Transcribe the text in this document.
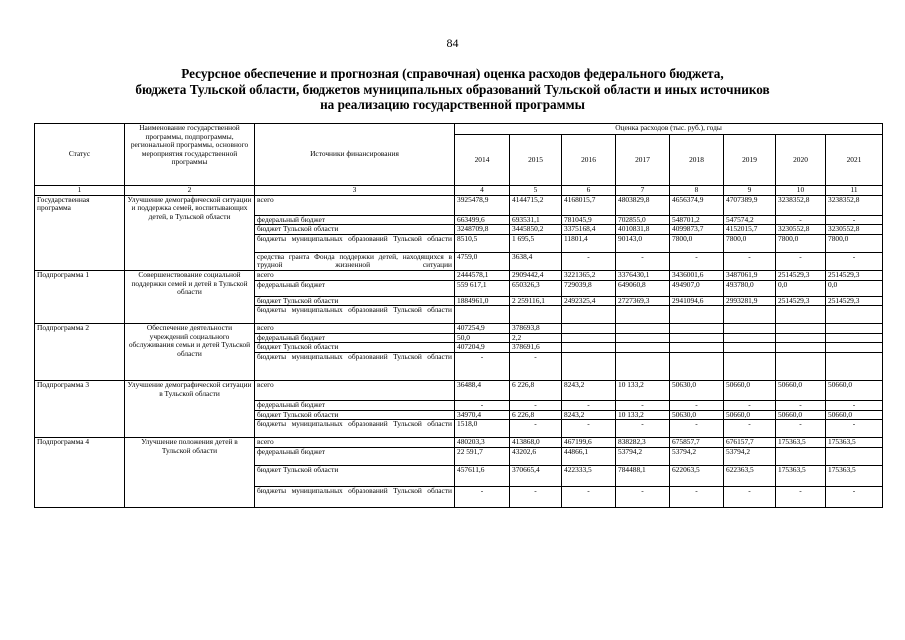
84
Ресурсное обеспечение и прогнозная (справочная) оценка расходов федерального бюджета,
бюджета Тульской области, бюджетов муниципальных образований Тульской области и иных источников
на реализацию государственной программы
Статус	Наименование государственной программы, подпрограммы, региональной программы, основного мероприятия государственной программы	Источники финансирования	Оценка расходов (тыс. руб.), годы							
			2014	2015	2016	2017	2018	2019	2020	2021
1	2	3	4	5	6	7	8	9	10	11
Государственная программа	Улучшение демографической ситуации и поддержка семей, воспитывающих детей, в Тульской области	всего	3925478,9	4144715,2	4168015,7	4803829,8	4656374,9	4707389,9	3238352,8	3238352,8
		федеральный бюджет	663499,6	693531,1	781045,9	702855,0	548701,2	547574,2	-	-
		бюджет Тульской области	3248709,8	3445850,2	3375168,4	4010831,8	4099873,7	4152015,7	3230552,8	3230552,8
		бюджеты муниципальных образований Тульской области	8510,5	1 695,5	11801,4	90143,0	7800,0	7800,0	7800,0	7800,0
		средства гранта Фонда поддержки детей, находящихся в трудной жизненной ситуации	4759,0	3638,4	-	-	-	-	-	-
Подпрограмма 1	Совершенствование социальной поддержки семей и детей в Тульской области	всего	2444578,1	2909442,4	3221365,2	3376430,1	3436001,6	3487061,9	2514529,3	2514529,3
		федеральный бюджет	559 617,1	650326,3	729039,8	649060,8	494907,0	493780,0	0,0	0,0
		бюджет Тульской области	1884961,0	2 259116,1	2492325,4	2727369,3	2941094,6	2993281,9	2514529,3	2514529,3
		бюджеты муниципальных образований Тульской области								
Подпрограмма 2	Обеспечение деятельности учреждений социального обслуживания семьи и детей Тульской области	всего	407254,9	378693,8						
		федеральный бюджет	50,0	2,2						
		бюджет Тульской области	407204,9	378691,6						
		бюджеты муниципальных образований Тульской области	-	-						
Подпрограмма 3	Улучшение демографической ситуации в Тульской области	всего	36488,4	6 226,8	8243,2	10 133,2	50630,0	50660,0	50660,0	50660,0
		федеральный бюджет	-	-	-	-	-	-	-	-
		бюджет Тульской области	34970,4	6 226,8	8243,2	10 133,2	50630,0	50660,0	50660,0	50660,0
		бюджеты муниципальных образований Тульской области	1518,0	-	-	-	-	-	-	-
Подпрограмма 4	Улучшение положения детей в Тульской области	всего	480203,3	413868,0	467199,6	838282,3	675857,7	676157,7	175363,5	175363,5
		федеральный бюджет	22 591,7	43202,6	44866,1	53794,2	53794,2	53794,2		
		бюджет Тульской области	457611,6	370665,4	422333,5	784488,1	622063,5	622363,5	175363,5	175363,5
		бюджеты муниципальных образований Тульской области	-	-	-	-	-	-	-	-
